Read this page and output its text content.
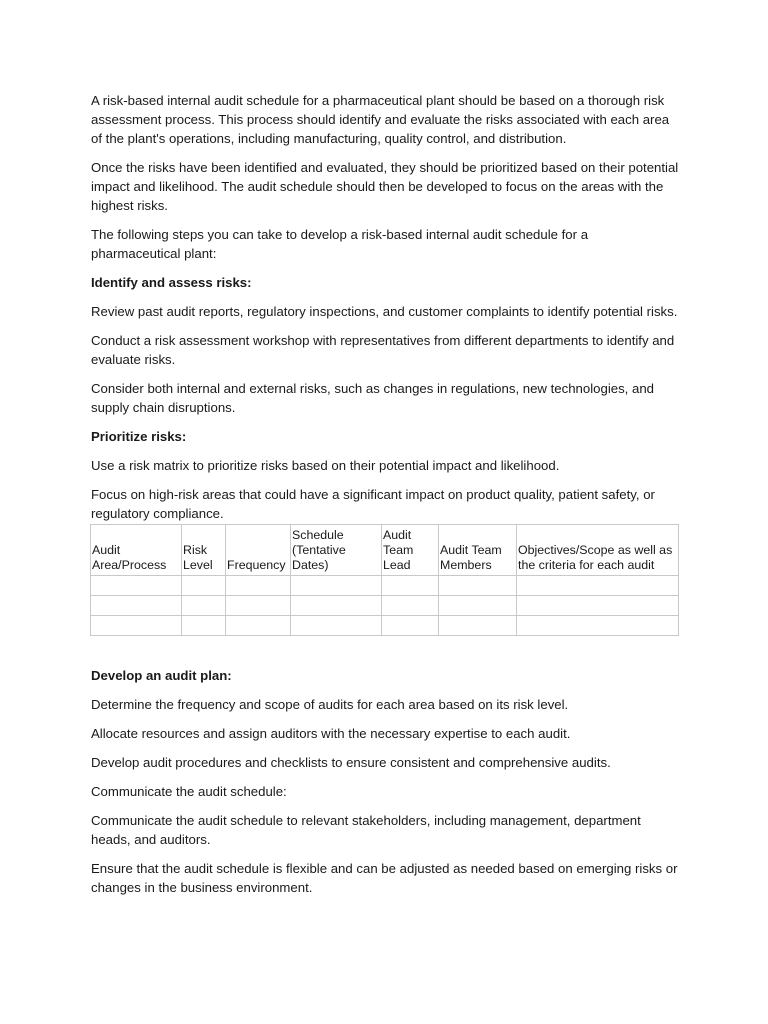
A risk-based internal audit schedule for a pharmaceutical plant should be based on a thorough risk assessment process. This process should identify and evaluate the risks associated with each area of the plant's operations, including manufacturing, quality control, and distribution.

Once the risks have been identified and evaluated, they should be prioritized based on their potential impact and likelihood. The audit schedule should then be developed to focus on the areas with the highest risks.

The following steps you can take to develop a risk-based internal audit schedule for a pharmaceutical plant:

Identify and assess risks:

Review past audit reports, regulatory inspections, and customer complaints to identify potential risks.

Conduct a risk assessment workshop with representatives from different departments to identify and evaluate risks.

Consider both internal and external risks, such as changes in regulations, new technologies, and supply chain disruptions.

Prioritize risks:

Use a risk matrix to prioritize risks based on their potential impact and likelihood.

Focus on high-risk areas that could have a significant impact on product quality, patient safety, or regulatory compliance.

Audit Area/Process	Risk Level	Frequency	Schedule (Tentative Dates)	Audit Team Lead	Audit Team Members	Objectives/Scope as well as the criteria for each audit

Develop an audit plan:

Determine the frequency and scope of audits for each area based on its risk level.

Allocate resources and assign auditors with the necessary expertise to each audit.

Develop audit procedures and checklists to ensure consistent and comprehensive audits.

Communicate the audit schedule:

Communicate the audit schedule to relevant stakeholders, including management, department heads, and auditors.

Ensure that the audit schedule is flexible and can be adjusted as needed based on emerging risks or changes in the business environment.
